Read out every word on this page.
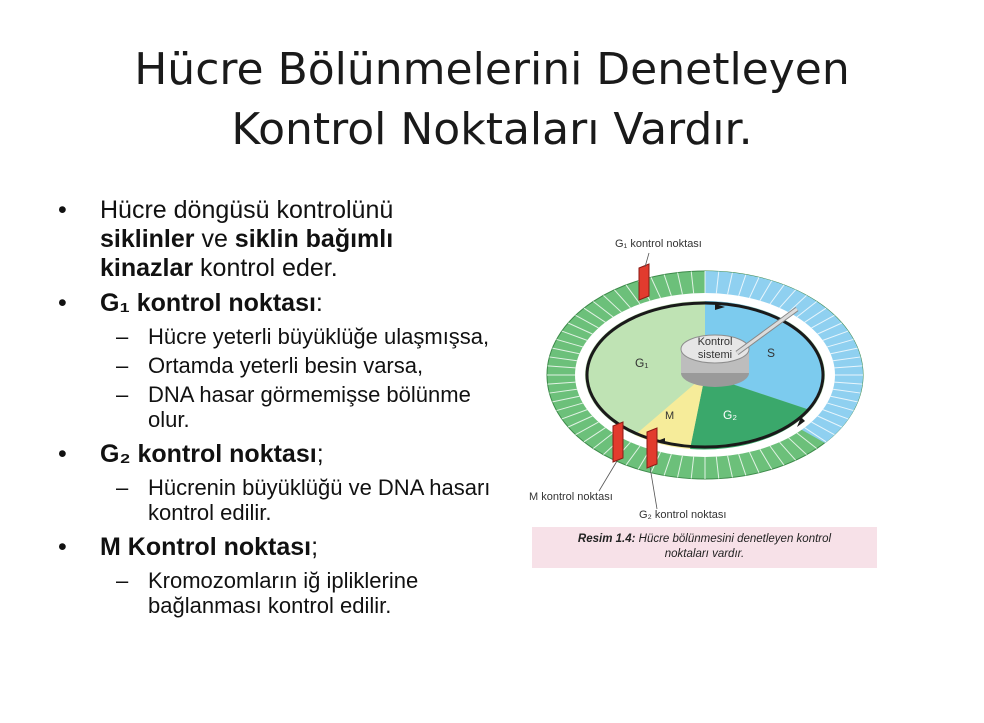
Hücre Bölünmelerini Denetleyen
Kontrol Noktaları Vardır.
• Hücre döngüsü kontrolünü
siklinler ve siklin bağımlı
kinazlar kontrol eder.
• G₁ kontrol noktası:
– Hücre yeterli büyüklüğe ulaşmışsa,
– Ortamda yeterli besin varsa,
– DNA hasar görmemişse bölünme olur.
• G₂ kontrol noktası;
– Hücrenin büyüklüğü ve DNA hasarı kontrol edilir.
• M Kontrol noktası;
– Kromozomların iğ ipliklerine bağlanması kontrol edilir.
G₁ kontrol noktası
M kontrol noktası
G₂ kontrol noktası
Kontrol
sistemi
G₁
S
G₂
M
Resim 1.4: Hücre bölünmesini denetleyen kontrol
noktaları vardır.
